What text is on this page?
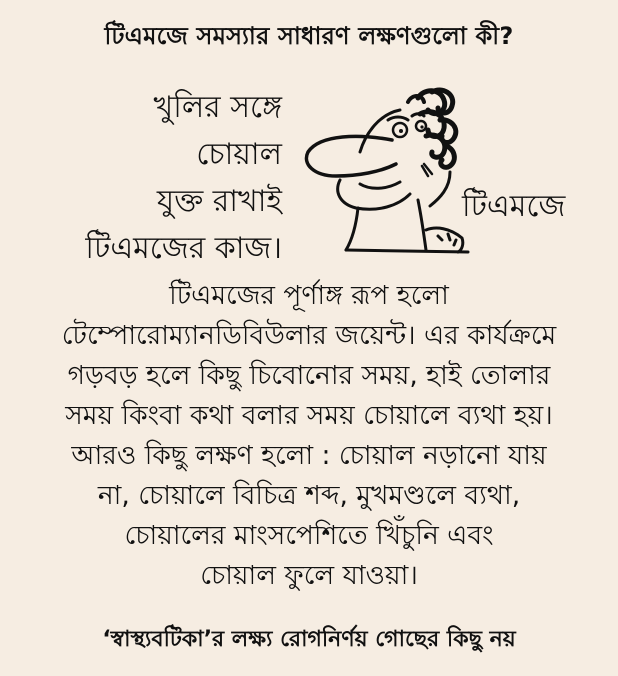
টিএমজে সমস্যার সাধারণ লক্ষণগুলো কী?
খুলির সঙ্গে
চোয়াল
যুক্ত রাখাই
টিএমজের কাজ।
টিএমজে
টিএমজের পূর্ণাঙ্গ রূপ হলো
টেম্পোরোম্যানডিবিউলার জয়েন্ট। এর কার্যক্রমে
গড়বড় হলে কিছু চিবোনোর সময়, হাই তোলার
সময় কিংবা কথা বলার সময় চোয়ালে ব্যথা হয়।
আরও কিছু লক্ষণ হলো : চোয়াল নড়ানো যায়
না, চোয়ালে বিচিত্র শব্দ, মুখমণ্ডলে ব্যথা,
চোয়ালের মাংসপেশিতে খিঁচুনি এবং
চোয়াল ফুলে যাওয়া।
‘স্বাস্থ্যবটিকা’র লক্ষ্য রোগনির্ণয় গোছের কিছু নয়
